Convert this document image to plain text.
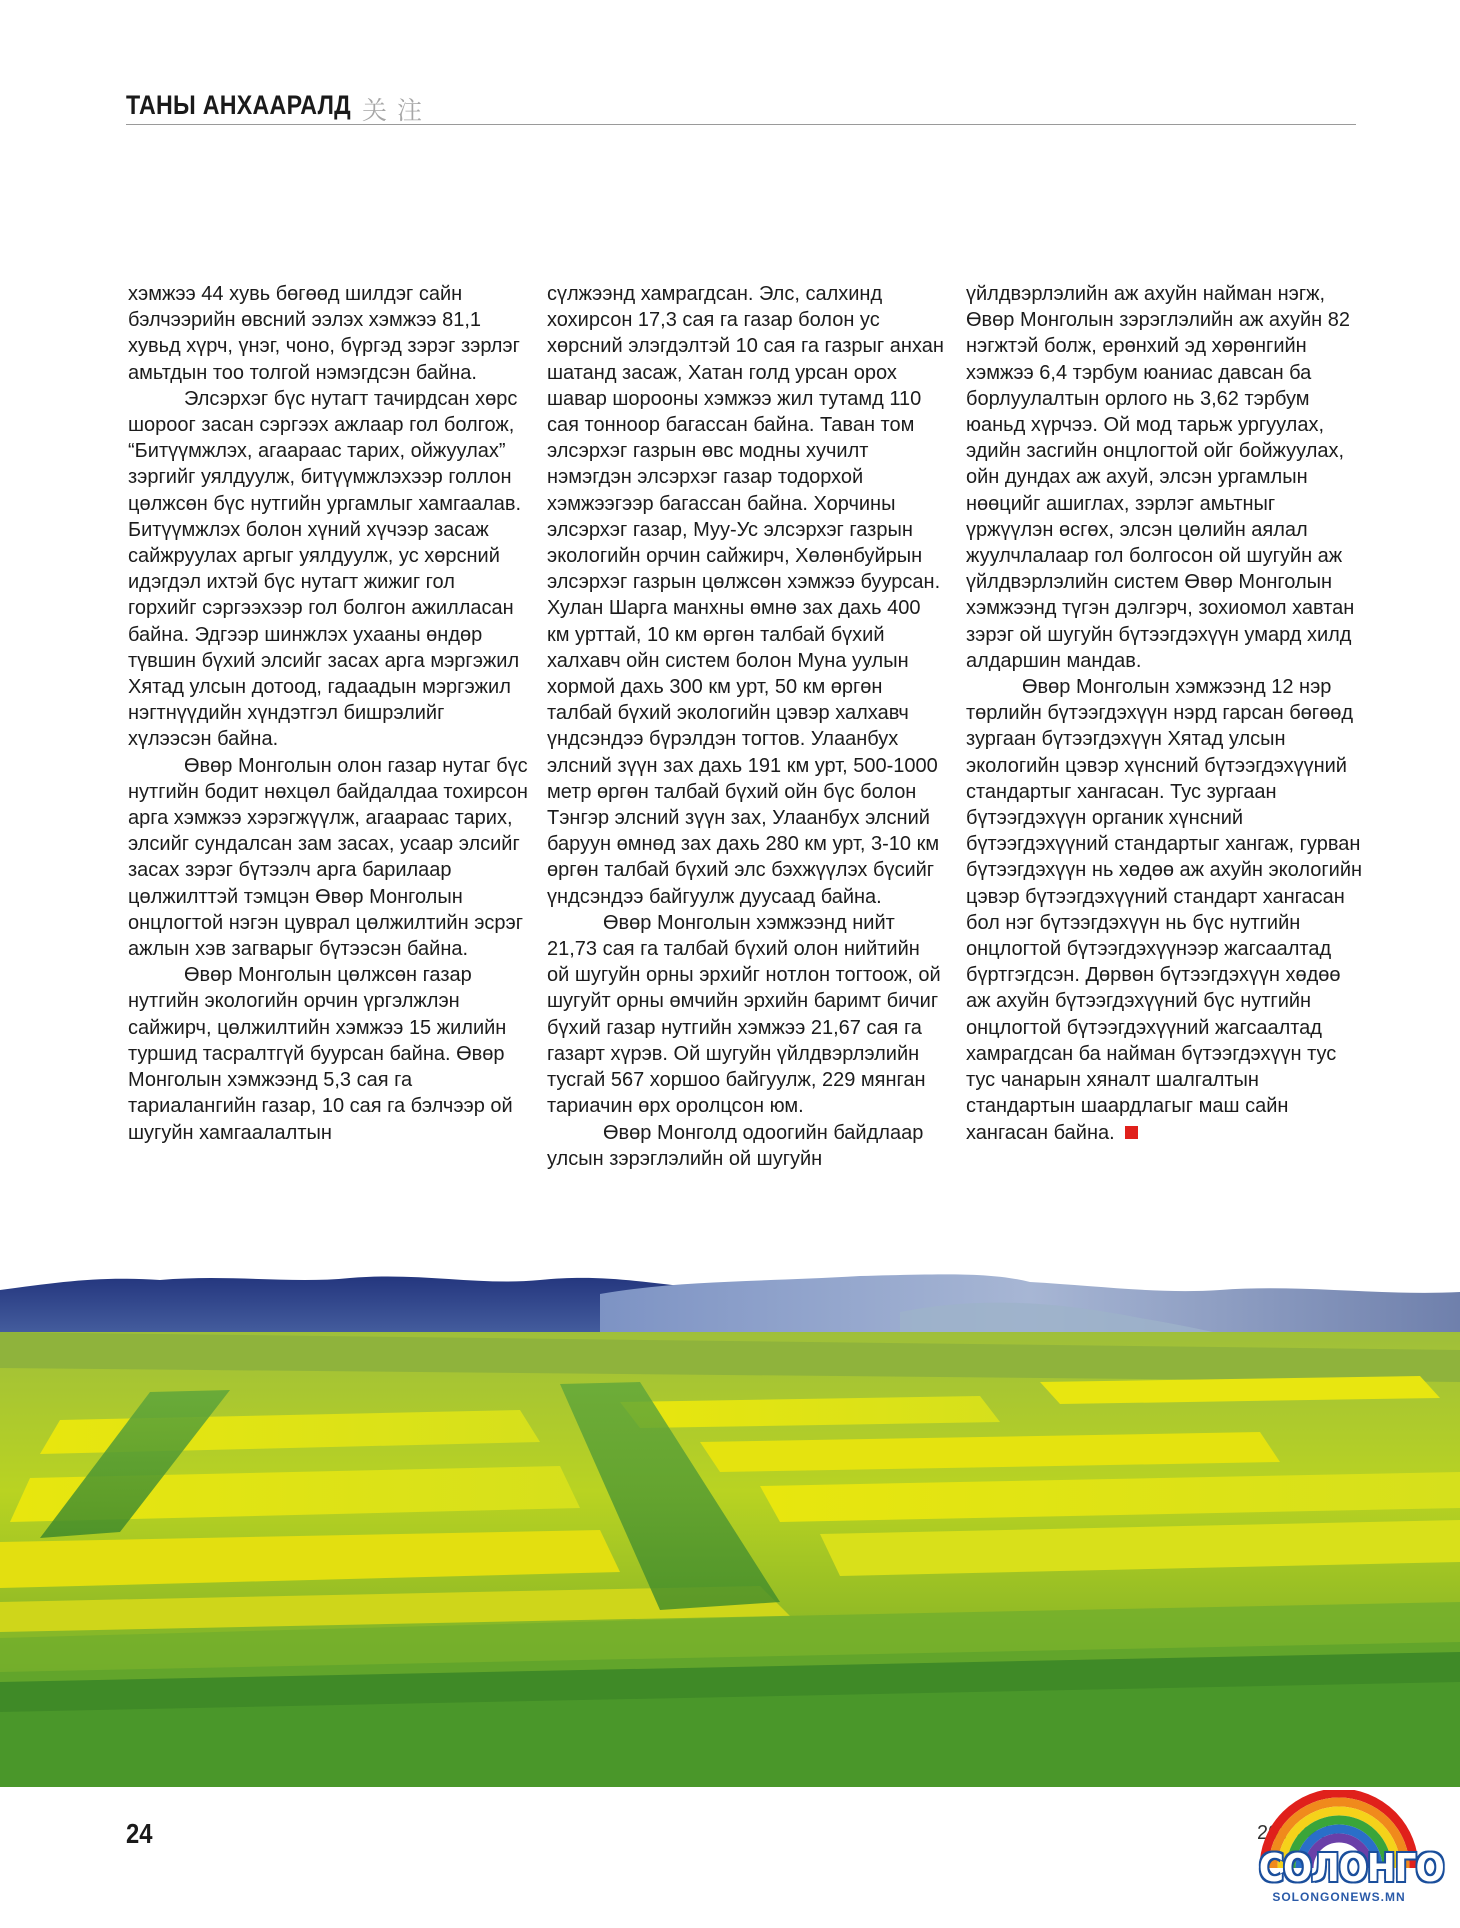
ТАНЫ АНХААРАЛД 关注

хэмжээ 44 хувь бөгөөд шилдэг сайн бэлчээрийн өвсний ээлэх хэмжээ 81,1 хувьд хүрч, үнэг, чоно, бүргэд зэрэг зэрлэг амьтдын тоо толгой нэмэгдсэн байна.

Элсэрхэг бүс нутагт тачирдсан хөрс шороог засан сэргээх ажлаар гол болгож, “Битүүмжлэх, агаараас тарих, ойжуулах” зэргийг уялдуулж, битүүмжлэхээр голлон цөлжсөн бүс нутгийн ургамлыг хамгаалав. Битүүмжлэх болон хүний хүчээр засаж сайжруулах аргыг уялдуулж, ус хөрсний идэгдэл ихтэй бүс нутагт жижиг гол горхийг сэргээхээр гол болгон ажилласан байна. Эдгээр шинжлэх ухааны өндөр түвшин бүхий элсийг засах арга мэргэжил Хятад улсын дотоод, гадаадын мэргэжил нэгтнүүдийн хүндэтгэл бишрэлийг хүлээсэн байна.

Өвөр Монголын олон газар нутаг бүс нутгийн бодит нөхцөл байдалдаа тохирсон арга хэмжээ хэрэгжүүлж, агаараас тарих, элсийг сундалсан зам засах, усаар элсийг засах зэрэг бүтээлч арга барилаар цөлжилттэй тэмцэн Өвөр Монголын онцлогтой нэгэн цуврал цөлжилтийн эсрэг ажлын хэв загварыг бүтээсэн байна.

Өвөр Монголын цөлжсөн газар нутгийн экологийн орчин үргэлжлэн сайжирч, цөлжилтийн хэмжээ 15 жилийн туршид тасралтгүй буурсан байна. Өвөр Монголын хэмжээнд 5,3 сая га тариалангийн газар, 10 сая га бэлчээр ой шугуйн хамгаалалтын

сүлжээнд хамрагдсан. Элс, салхинд хохирсон 17,3 сая га газар болон ус хөрсний элэгдэлтэй 10 сая га газрыг анхан шатанд засаж, Хатан голд урсан орох шавар шорооны хэмжээ жил тутамд 110 сая тонноор багассан байна. Таван том элсэрхэг газрын өвс модны хучилт нэмэгдэн элсэрхэг газар тодорхой хэмжээгээр багассан байна. Хорчины элсэрхэг газар, Муу-Ус элсэрхэг газрын экологийн орчин сайжирч, Хөлөнбуйрын элсэрхэг газрын цөлжсөн хэмжээ буурсан. Хулан Шарга манхны өмнө зах дахь 400 км урттай, 10 км өргөн талбай бүхий халхавч ойн систем болон Муна уулын хормой дахь 300 км урт, 50 км өргөн талбай бүхий экологийн цэвэр халхавч үндсэндээ бүрэлдэн тогтов. Улаанбух элсний зүүн зах дахь 191 км урт, 500-1000 метр өргөн талбай бүхий ойн бүс болон Тэнгэр элсний зүүн зах, Улаанбух элсний баруун өмнөд зах дахь 280 км урт, 3-10 км өргөн талбай бүхий элс бэхжүүлэх бүсийг үндсэндээ байгуулж дуусаад байна.

Өвөр Монголын хэмжээнд нийт 21,73 сая га талбай бүхий олон нийтийн ой шугуйн орны эрхийг нотлон тогтоож, ой шугуйт орны өмчийн эрхийн баримт бичиг бүхий газар нутгийн хэмжээ 21,67 сая га газарт хүрэв. Ой шугуйн үйлдвэрлэлийн тусгай 567 хоршоо байгуулж, 229 мянган тариачин өрх оролцсон юм.

Өвөр Монголд одоогийн байдлаар улсын зэрэглэлийн ой шугуйн

үйлдвэрлэлийн аж ахуйн найман нэгж, Өвөр Монголын зэрэглэлийн аж ахуйн 82 нэгжтэй болж, ерөнхий эд хөрөнгийн хэмжээ 6,4 тэрбум юаниас давсан ба борлуулалтын орлого нь 3,62 тэрбум юаньд хүрчээ. Ой мод тарьж ургуулах, эдийн засгийн онцлогтой ойг бойжуулах, ойн дундах аж ахуй, элсэн ургамлын нөөцийг ашиглах, зэрлэг амьтныг үржүүлэн өсгөх, элсэн цөлийн аялал жуулчлалаар гол болгосон ой шугуйн аж үйлдвэрлэлийн систем Өвөр Монголын хэмжээнд түгэн дэлгэрч, зохиомол хавтан зэрэг ой шугуйн бүтээгдэхүүн умард хилд алдаршин мандав.

Өвөр Монголын хэмжээнд 12 нэр төрлийн бүтээгдэхүүн нэрд гарсан бөгөөд зургаан бүтээгдэхүүн Хятад улсын экологийн цэвэр хүнсний бүтээгдэхүүний стандартыг хангасан. Тус зургаан бүтээгдэхүүн органик хүнсний бүтээгдэхүүний стандартыг хангаж, гурван бүтээгдэхүүн нь хөдөө аж ахуйн экологийн цэвэр бүтээгдэхүүний стандарт хангасан бол нэг бүтээгдэхүүн нь бүс нутгийн онцлогтой бүтээгдэхүүнээр жагсаалтад бүртгэгдсэн. Дөрвөн бүтээгдэхүүн хөдөө аж ахуйн бүтээгдэхүүний бүс нутгийн онцлогтой бүтээгдэхүүний жагсаалтад хамрагдсан ба найман бүтээгдэхүүн тус тус чанарын хяналт шалгалтын стандартын шаардлагыг маш сайн хангасан байна.

24	2014/279
СОЛОНГО
SOLONGONEWS.MN
